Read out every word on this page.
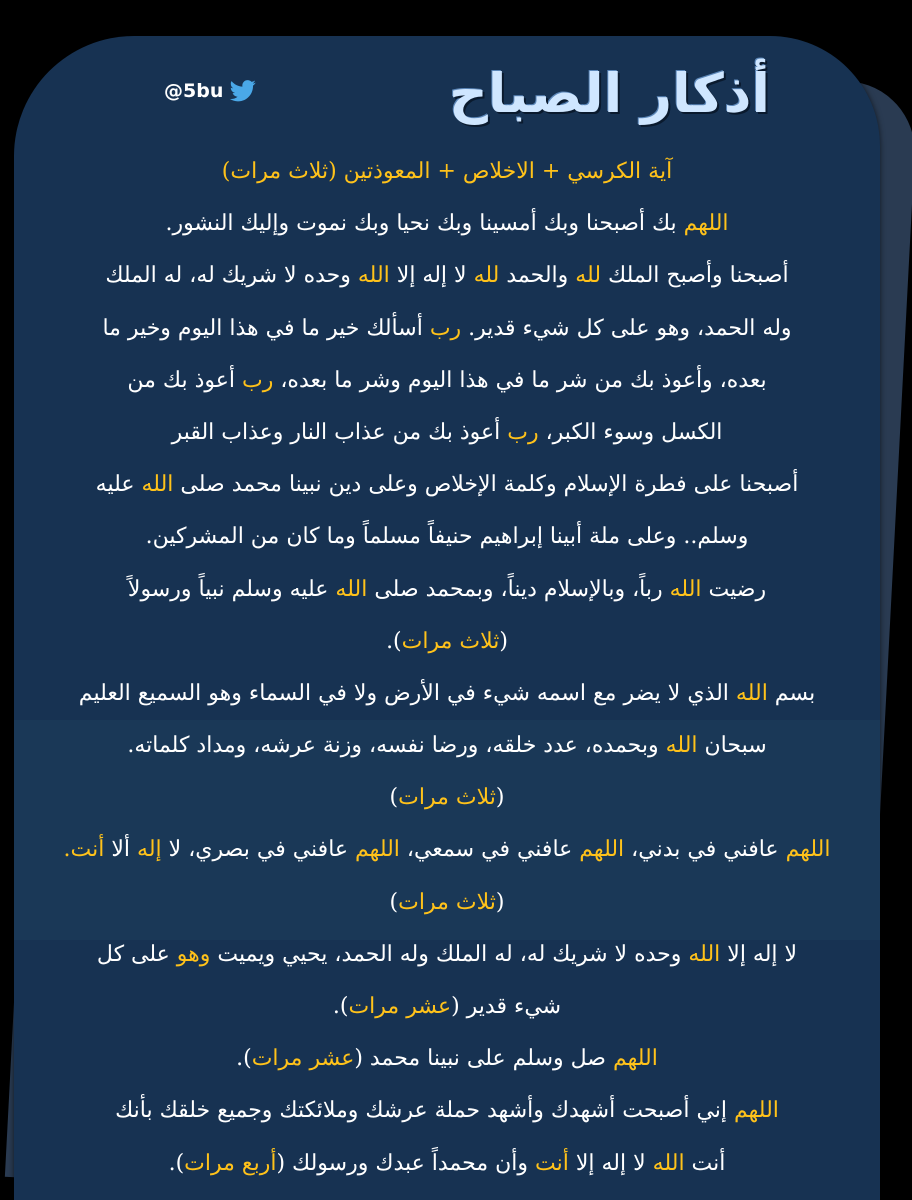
أذكار الصباح
@5bu
آية الكرسي + الاخلاص + المعوذتين (ثلاث مرات)
اللهم بك أصبحنا وبك أمسينا وبك نحيا وبك نموت وإليك النشور.
أصبحنا وأصبح الملك لله والحمد لله لا إله إلا الله وحده لا شريك له، له الملك
وله الحمد، وهو على كل شيء قدير. رب أسألك خير ما في هذا اليوم وخير ما
بعده، وأعوذ بك من شر ما في هذا اليوم وشر ما بعده، رب أعوذ بك من
الكسل وسوء الكبر، رب أعوذ بك من عذاب النار وعذاب القبر
أصبحنا على فطرة الإسلام وكلمة الإخلاص وعلى دين نبينا محمد صلى الله عليه
وسلم.. وعلى ملة أبينا إبراهيم حنيفاً مسلماً وما كان من المشركين.
رضيت الله رباً، وبالإسلام ديناً، وبمحمد صلى الله عليه وسلم نبياً ورسولاً
(ثلاث مرات).
بسم الله الذي لا يضر مع اسمه شيء في الأرض ولا في السماء وهو السميع العليم
سبحان الله وبحمده، عدد خلقه، ورضا نفسه، وزنة عرشه، ومداد كلماته.
(ثلاث مرات)
اللهم عافني في بدني، اللهم عافني في سمعي، اللهم عافني في بصري، لا إله ألا أنت.
(ثلاث مرات)
لا إله إلا الله وحده لا شريك له، له الملك وله الحمد، يحيي ويميت وهو على كل
شيء قدير (عشر مرات).
اللهم صل وسلم على نبينا محمد (عشر مرات).
اللهم إني أصبحت أشهدك وأشهد حملة عرشك وملائكتك وجميع خلقك بأنك
أنت الله لا إله إلا أنت وأن محمداً عبدك ورسولك (أربع مرات).
